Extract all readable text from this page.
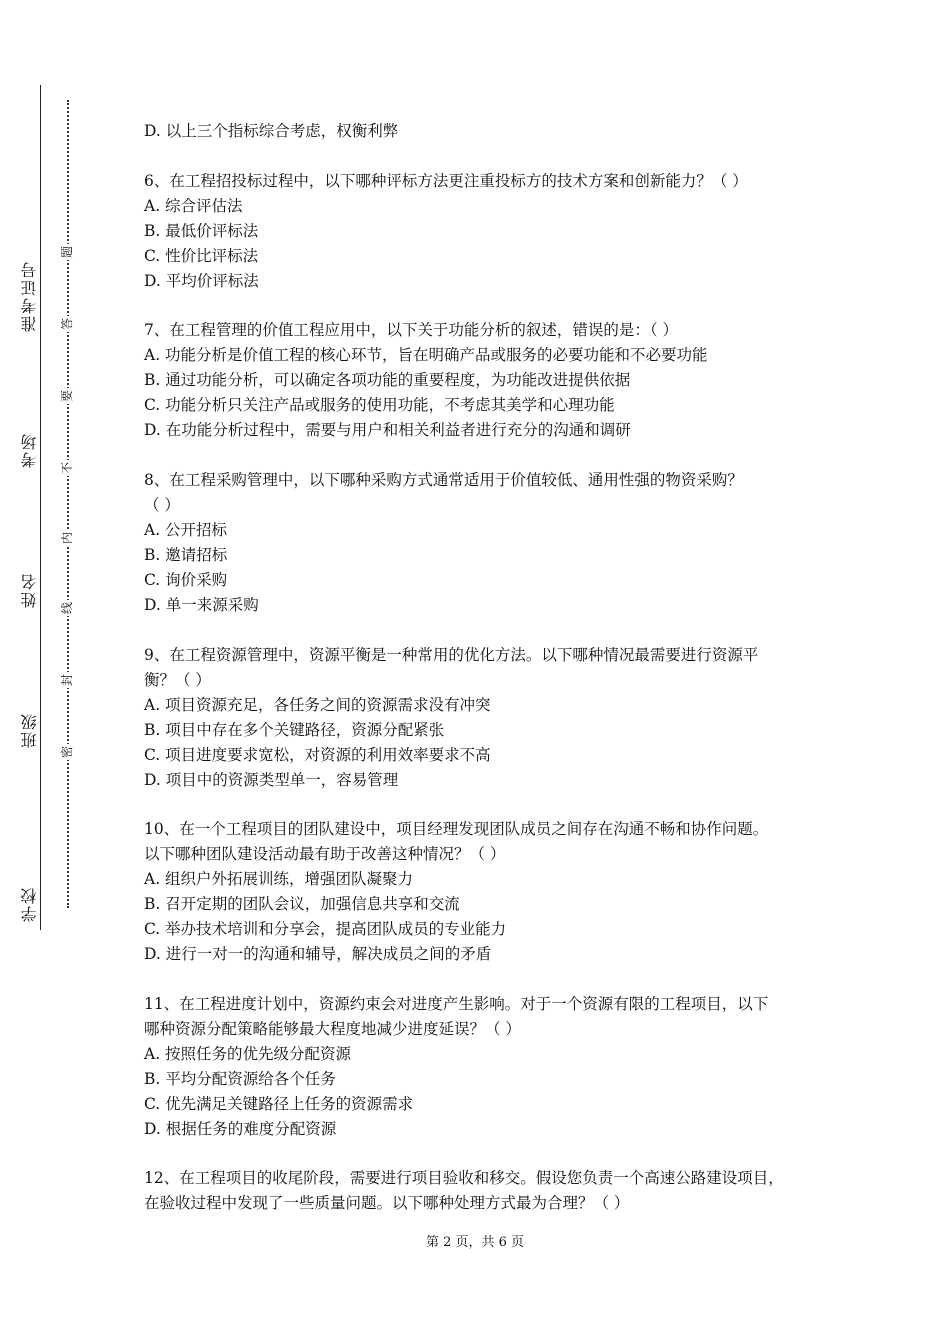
准考证号
考场
姓名
班级
学校
题
答
要
不
内
线
封
密
D. 以上三个指标综合考虑，权衡利弊
6、在工程招投标过程中，以下哪种评标方法更注重投标方的技术方案和创新能力？（ ）
A. 综合评估法
B. 最低价评标法
C. 性价比评标法
D. 平均价评标法
7、在工程管理的价值工程应用中，以下关于功能分析的叙述，错误的是：（ ）
A. 功能分析是价值工程的核心环节，旨在明确产品或服务的必要功能和不必要功能
B. 通过功能分析，可以确定各项功能的重要程度，为功能改进提供依据
C. 功能分析只关注产品或服务的使用功能，不考虑其美学和心理功能
D. 在功能分析过程中，需要与用户和相关利益者进行充分的沟通和调研
8、在工程采购管理中，以下哪种采购方式通常适用于价值较低、通用性强的物资采购？
（ ）
A. 公开招标
B. 邀请招标
C. 询价采购
D. 单一来源采购
9、在工程资源管理中，资源平衡是一种常用的优化方法。以下哪种情况最需要进行资源平
衡？（ ）
A. 项目资源充足，各任务之间的资源需求没有冲突
B. 项目中存在多个关键路径，资源分配紧张
C. 项目进度要求宽松，对资源的利用效率要求不高
D. 项目中的资源类型单一，容易管理
10、在一个工程项目的团队建设中，项目经理发现团队成员之间存在沟通不畅和协作问题。
以下哪种团队建设活动最有助于改善这种情况？（ ）
A. 组织户外拓展训练，增强团队凝聚力
B. 召开定期的团队会议，加强信息共享和交流
C. 举办技术培训和分享会，提高团队成员的专业能力
D. 进行一对一的沟通和辅导，解决成员之间的矛盾
11、在工程进度计划中，资源约束会对进度产生影响。对于一个资源有限的工程项目，以下
哪种资源分配策略能够最大程度地减少进度延误？（ ）
A. 按照任务的优先级分配资源
B. 平均分配资源给各个任务
C. 优先满足关键路径上任务的资源需求
D. 根据任务的难度分配资源
12、在工程项目的收尾阶段，需要进行项目验收和移交。假设您负责一个高速公路建设项目，
在验收过程中发现了一些质量问题。以下哪种处理方式最为合理？（ ）
第 2 页，共 6 页
